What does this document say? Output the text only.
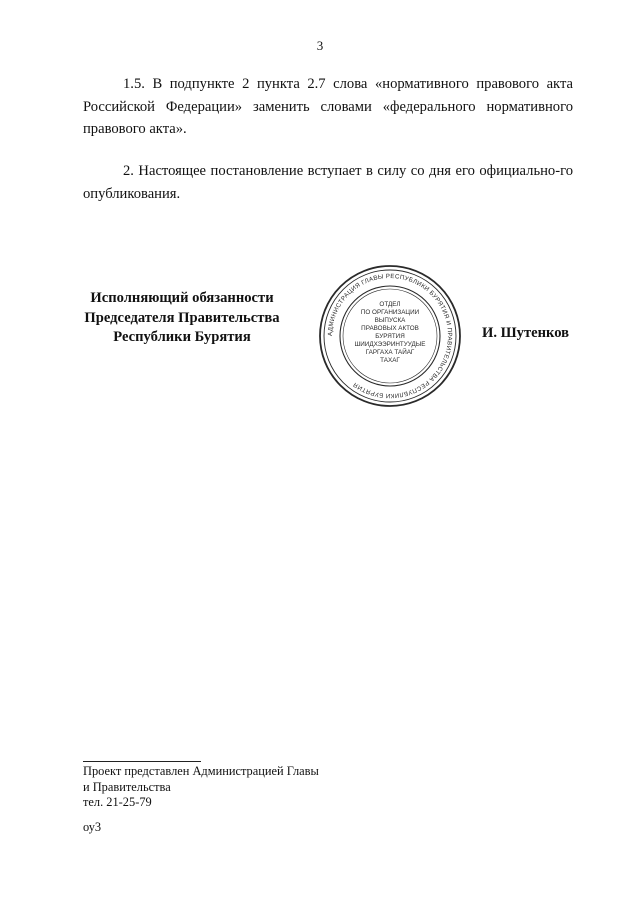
3

1.5. В подпункте 2 пункта 2.7 слова «нормативного правового акта Российской Федерации» заменить словами «федерального нормативного правового акта».

2. Настоящее постановление вступает в силу со дня его официально-го опубликования.

Исполняющий обязанности
Председателя Правительства
Республики Бурятия	АДМИНИСТРАЦИЯ ГЛАВЫ РЕСПУБЛИКИ БУРЯТИЯ И ПРАВИТЕЛЬСТВА РЕСПУБЛИКИ БУРЯТИЯ
ОТДЕЛ
ПО ОРГАНИЗАЦИИ
ВЫПУСКА
ПРАВОВЫХ АКТОВ
БУРЯТИЯ
ШИИДХЭЭРИНТУУДЫЕ
ГАРГАХА ТАЙАГ
ТАХАГ
И. Шутенков
Проект представлен Администрацией Главы
и Правительства
тел. 21-25-79
оу3
